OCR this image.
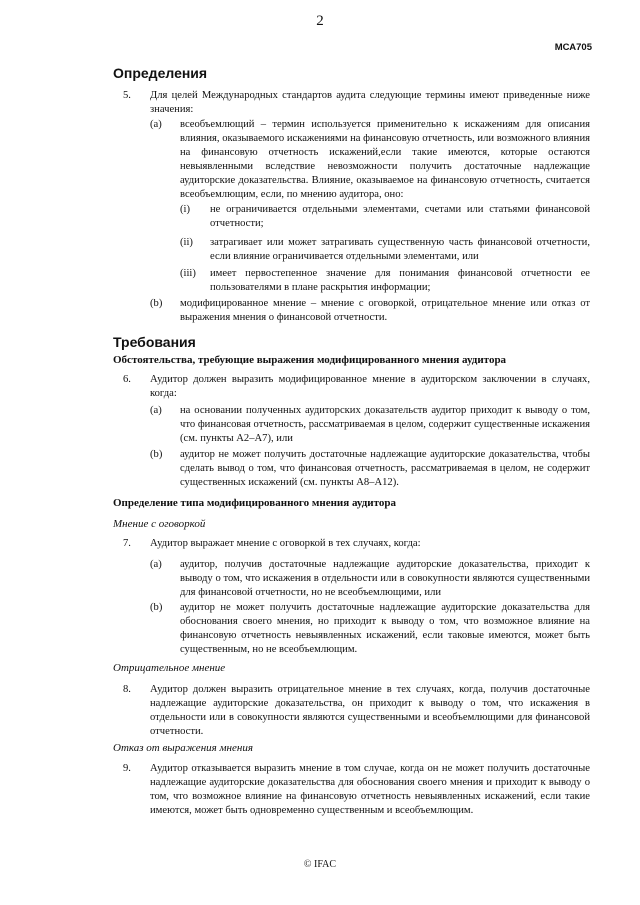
2
МСА705
Определения
5. Для целей Международных стандартов аудита следующие термины имеют приведенные ниже значения:
(a) всеобъемлющий – термин используется применительно к искажениям для описания влияния, оказываемого искажениями на финансовую отчетность, или возможного влияния на финансовую отчетность искажений,если такие имеются, которые остаются невыявленными вследствие невозможности получить достаточные надлежащие аудиторские доказательства. Влияние, оказываемое на финансовую отчетность, считается всеобъемлющим, если, по мнению аудитора, оно:
(i) не ограничивается отдельными элементами, счетами или статьями финансовой отчетности;
(ii) затрагивает или может затрагивать существенную часть финансовой отчетности, если влияние ограничивается отдельными элементами, или
(iii) имеет первостепенное значение для понимания финансовой отчетности ее пользователями в плане раскрытия информации;
(b) модифицированное мнение – мнение с оговоркой, отрицательное мнение или отказ от выражения мнения о финансовой отчетности.
Требования
Обстоятельства, требующие выражения модифицированного мнения аудитора
6. Аудитор должен выразить модифицированное мнение в аудиторском заключении в случаях, когда:
(a) на основании полученных аудиторских доказательств аудитор приходит к выводу о том, что финансовая отчетность, рассматриваемая в целом, содержит существенные искажения (см. пункты А2–А7), или
(b) аудитор не может получить достаточные надлежащие аудиторские доказательства, чтобы сделать вывод о том, что финансовая отчетность, рассматриваемая в целом, не содержит существенных искажений (см. пункты А8–А12).
Определение типа модифицированного мнения аудитора
Мнение с оговоркой
7. Аудитор выражает мнение с оговоркой в тех случаях, когда:
(a) аудитор, получив достаточные надлежащие аудиторские доказательства, приходит к выводу о том, что искажения в отдельности или в совокупности являются существенными для финансовой отчетности, но не всеобъемлющими, или
(b) аудитор не может получить достаточные надлежащие аудиторские доказательства для обоснования своего мнения, но приходит к выводу о том, что возможное влияние на финансовую отчетность невыявленных искажений, если таковые имеются, может быть существенным, но не всеобъемлющим.
Отрицательное мнение
8. Аудитор должен выразить отрицательное мнение в тех случаях, когда, получив достаточные надлежащие аудиторские доказательства, он приходит к выводу о том, что искажения в отдельности или в совокупности являются существенными и всеобъемлющими для финансовой отчетности.
Отказ от выражения мнения
9. Аудитор отказывается выразить мнение в том случае, когда он не может получить достаточные надлежащие аудиторские доказательства для обоснования своего мнения и приходит к выводу о том, что возможное влияние на финансовую отчетность невыявленных искажений, если такие имеются, может быть одновременно существенным и всеобъемлющим.
© IFAC
